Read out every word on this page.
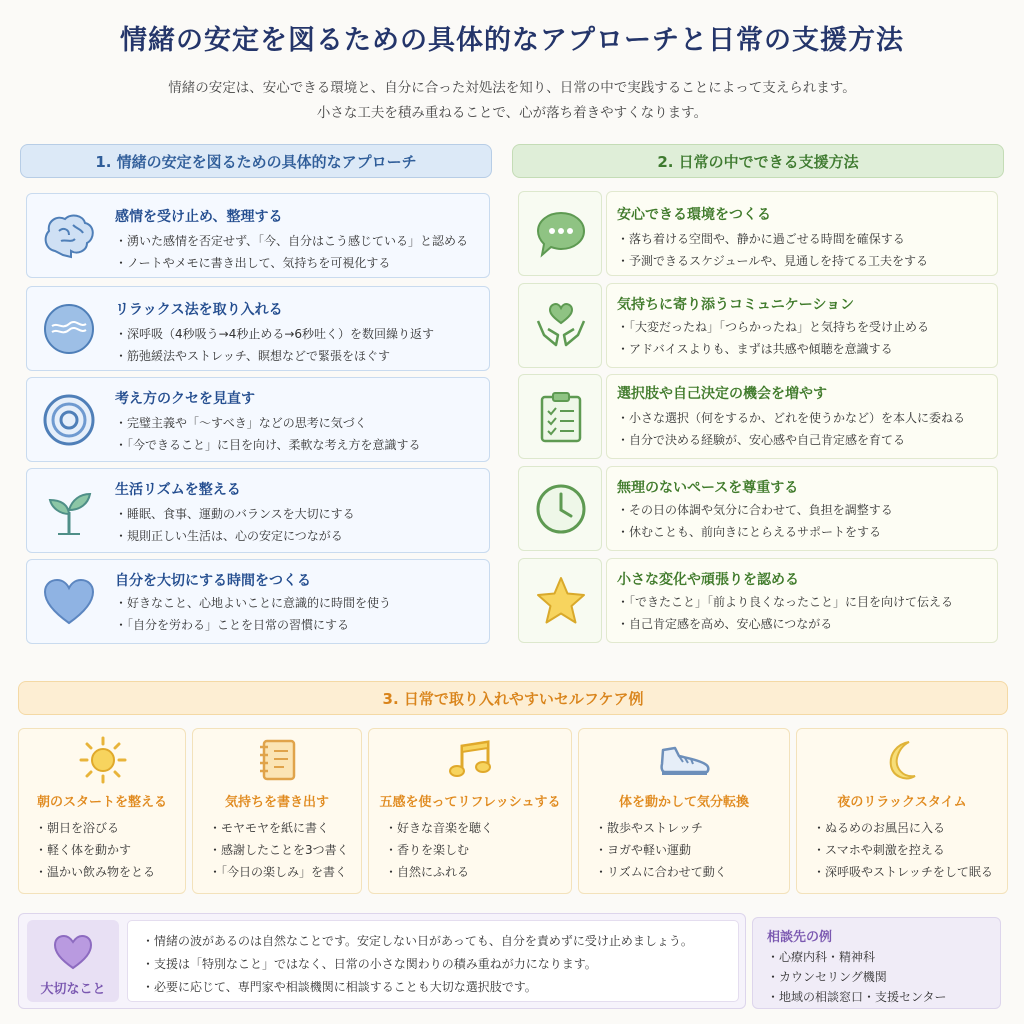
情緒の安定を図るための具体的なアプローチと日常の支援方法
情緒の安定は、安心できる環境と、自分に合った対処法を知り、日常の中で実践することによって支えられます。
小さな工夫を積み重ねることで、心が落ち着きやすくなります。
1. 情緒の安定を図るための具体的なアプローチ
感情を受け止め、整理する
・湧いた感情を否定せず、「今、自分はこう感じている」と認める
・ノートやメモに書き出して、気持ちを可視化する
リラックス法を取り入れる
・深呼吸（4秒吸う→4秒止める→6秒吐く）を数回繰り返す
・筋弛緩法やストレッチ、瞑想などで緊張をほぐす
考え方のクセを見直す
・完璧主義や「〜すべき」などの思考に気づく
・「今できること」に目を向け、柔軟な考え方を意識する
生活リズムを整える
・睡眠、食事、運動のバランスを大切にする
・規則正しい生活は、心の安定につながる
自分を大切にする時間をつくる
・好きなこと、心地よいことに意識的に時間を使う
・「自分を労わる」ことを日常の習慣にする
2. 日常の中でできる支援方法
安心できる環境をつくる
・落ち着ける空間や、静かに過ごせる時間を確保する
・予測できるスケジュールや、見通しを持てる工夫をする
気持ちに寄り添うコミュニケーション
・「大変だったね」「つらかったね」と気持ちを受け止める
・アドバイスよりも、まずは共感や傾聴を意識する
選択肢や自己決定の機会を増やす
・小さな選択（何をするか、どれを使うかなど）を本人に委ねる
・自分で決める経験が、安心感や自己肯定感を育てる
無理のないペースを尊重する
・その日の体調や気分に合わせて、負担を調整する
・休むことも、前向きにとらえるサポートをする
小さな変化や頑張りを認める
・「できたこと」「前より良くなったこと」に目を向けて伝える
・自己肯定感を高め、安心感につながる
3. 日常で取り入れやすいセルフケア例
朝のスタートを整える
・朝日を浴びる
・軽く体を動かす
・温かい飲み物をとる
気持ちを書き出す
・モヤモヤを紙に書く
・感謝したことを3つ書く
・「今日の楽しみ」を書く
五感を使ってリフレッシュする
・好きな音楽を聴く
・香りを楽しむ
・自然にふれる
体を動かして気分転換
・散歩やストレッチ
・ヨガや軽い運動
・リズムに合わせて動く
夜のリラックスタイム
・ぬるめのお風呂に入る
・スマホや刺激を控える
・深呼吸やストレッチをして眠る
大切なこと
・情緒の波があるのは自然なことです。安定しない日があっても、自分を責めずに受け止めましょう。
・支援は「特別なこと」ではなく、日常の小さな関わりの積み重ねが力になります。
・必要に応じて、専門家や相談機関に相談することも大切な選択肢です。
相談先の例
・心療内科・精神科
・カウンセリング機関
・地域の相談窓口・支援センター
